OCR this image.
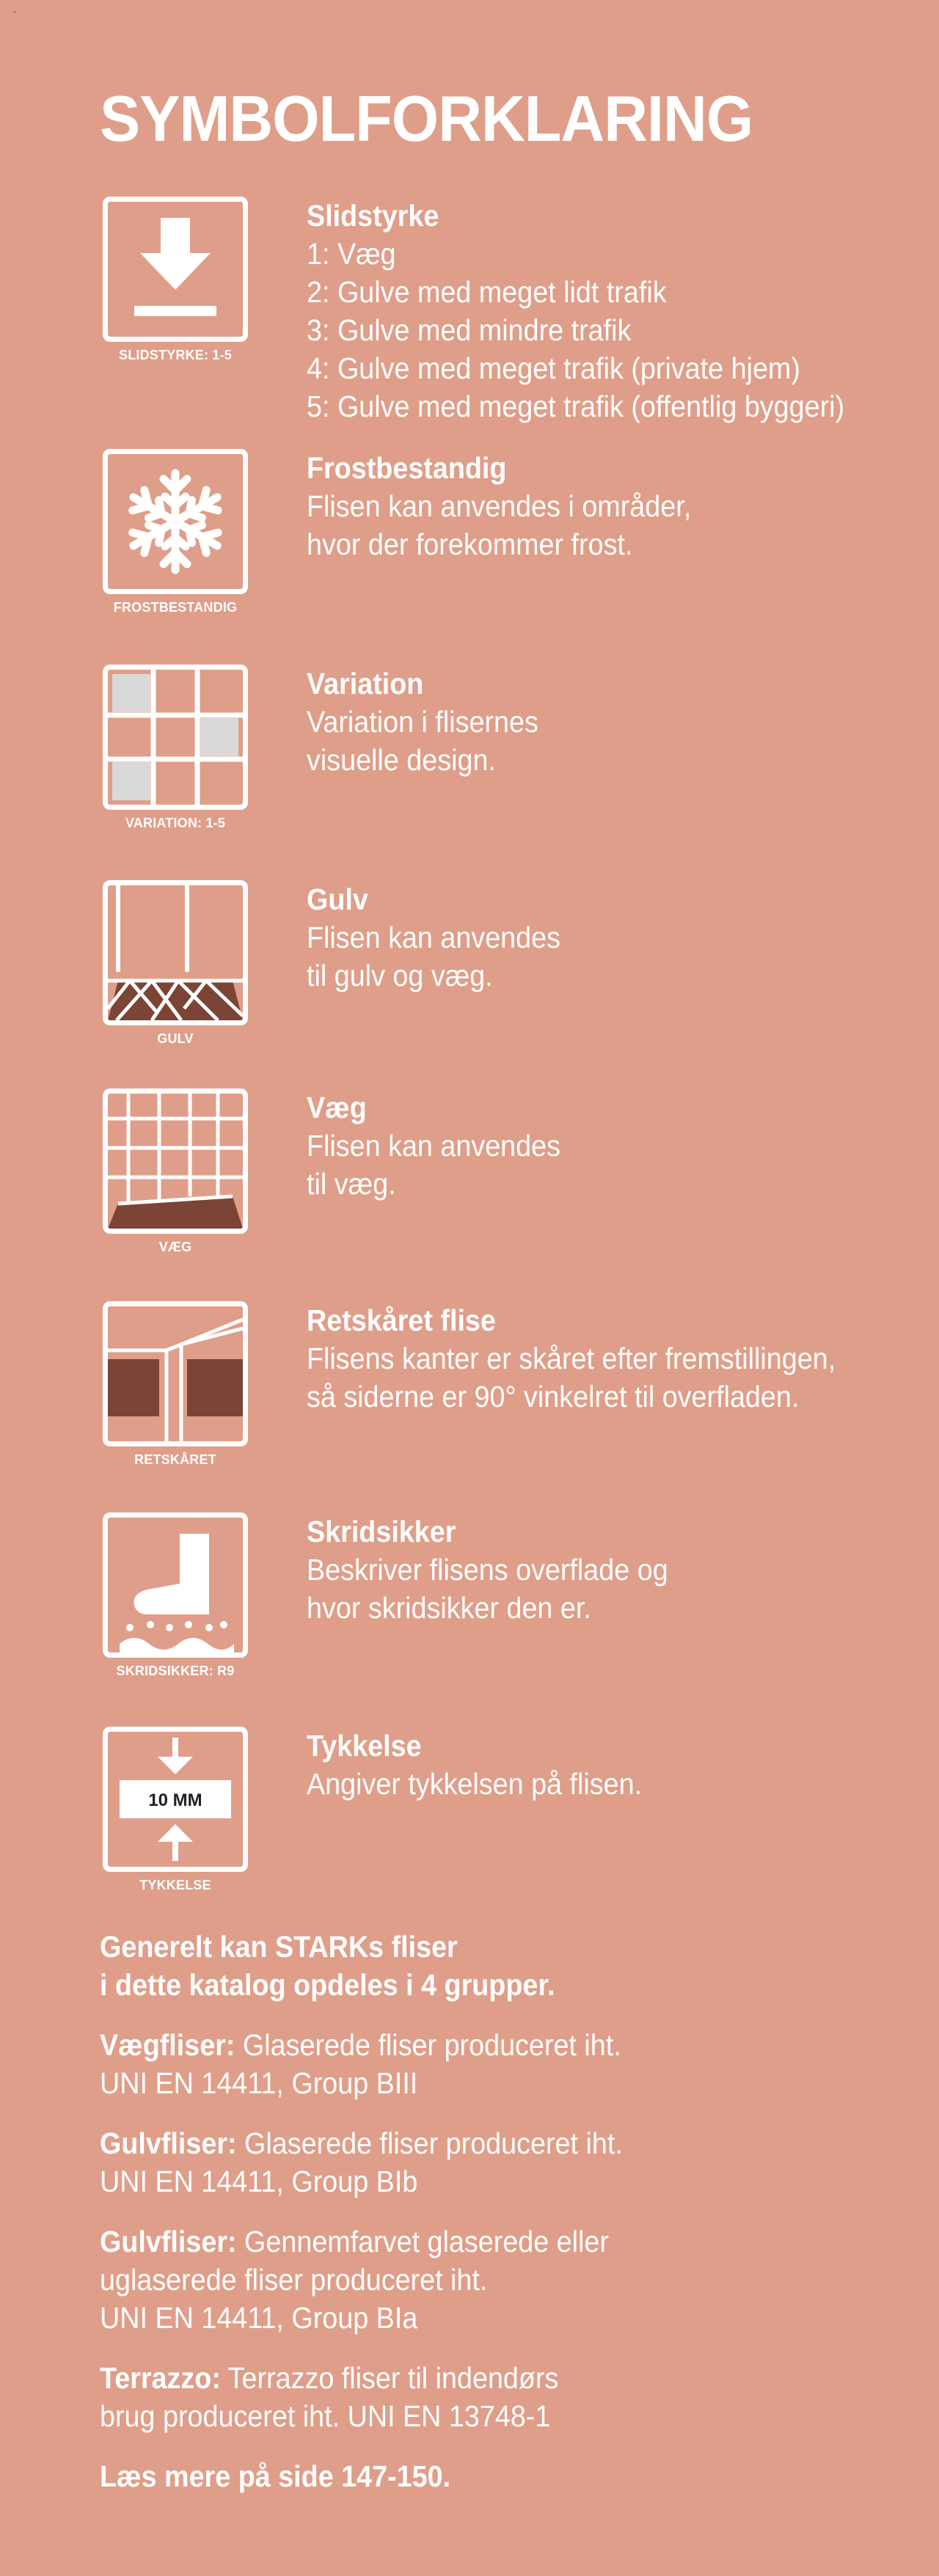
=
SYMBOLFORKLARING
SLIDSTYRKE: 1-5
Slidstyrke
1: Væg
2: Gulve med meget lidt trafik
3: Gulve med mindre trafik
4: Gulve med meget trafik (private hjem)
5: Gulve med meget trafik (offentlig byggeri)
FROSTBESTANDIG
Frostbestandig
Flisen kan anvendes i områder,
hvor der forekommer frost.
VARIATION: 1-5
Variation
Variation i flisernes
visuelle design.
GULV
Gulv
Flisen kan anvendes
til gulv og væg.
VÆG
Væg
Flisen kan anvendes
til væg.
RETSKÅRET
Retskåret flise
Flisens kanter er skåret efter fremstillingen,
så siderne er 90° vinkelret til overfladen.
SKRIDSIKKER: R9
Skridsikker
Beskriver flisens overflade og
hvor skridsikker den er.
10 MM
TYKKELSE
Tykkelse
Angiver tykkelsen på flisen.
Generelt kan STARKs fliser
i dette katalog opdeles i 4 grupper.
Vægfliser: Glaserede fliser produceret iht.
UNI EN 14411, Group BIII
Gulvfliser: Glaserede fliser produceret iht.
UNI EN 14411, Group BIb
Gulvfliser: Gennemfarvet glaserede eller
uglaserede fliser produceret iht.
UNI EN 14411, Group BIa
Terrazzo: Terrazzo fliser til indendørs
brug produceret iht. UNI EN 13748-1
Læs mere på side 147-150.
